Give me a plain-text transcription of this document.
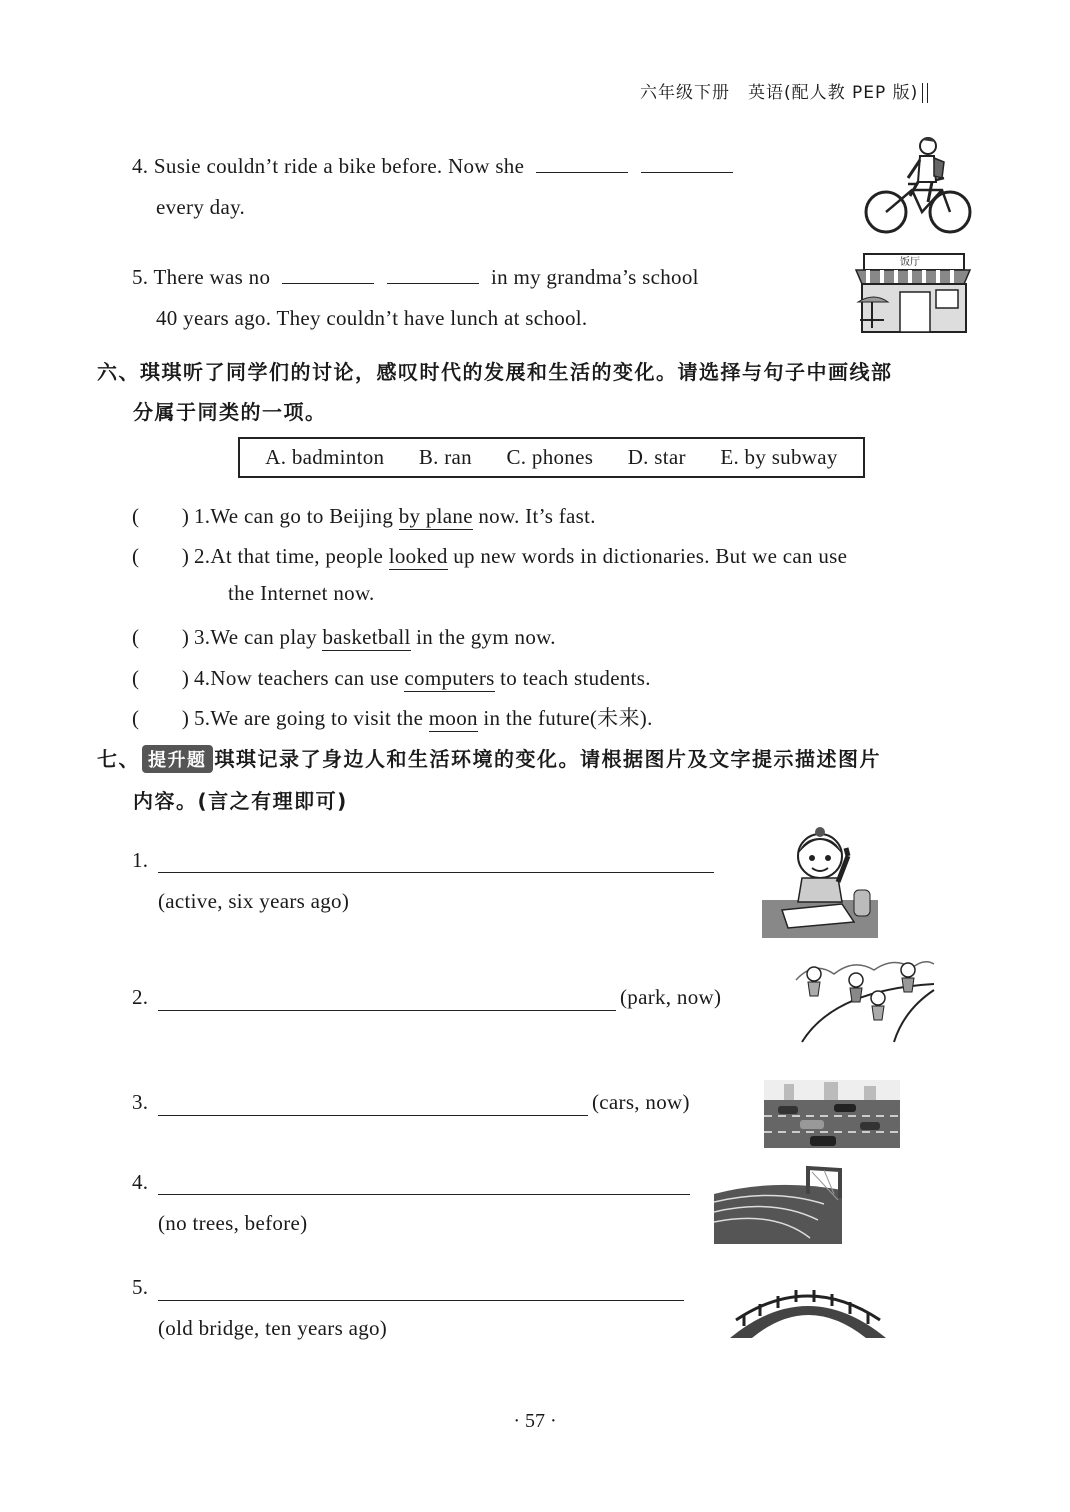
六年级下册　英语(配人教 PEP 版)
4. Susie couldn’t ride a bike before. Now she
every day.
5. There was no	in my grandma’s school
40 years ago. They couldn’t have lunch at school.
饭厅
六、琪琪听了同学们的讨论，感叹时代的发展和生活的变化。请选择与句子中画线部
分属于同类的一项。
A. badminton B. ran C. phones D. star E. by subway
(　　) 1.We can go to Beijing by plane now. It’s fast.
(　　) 2.At that time, people looked up new words in dictionaries. But we can use
the Internet now.
(　　) 3.We can play basketball in the gym now.
(　　) 4.Now teachers can use computers to teach students.
(　　) 5.We are going to visit the moon in the future(未来).
七、 提升题 琪琪记录了身边人和生活环境的变化。请根据图片及文字提示描述图片
内容。(言之有理即可)
1.
(active, six years ago)
2.	(park, now)
3.	(cars, now)
4.
(no trees, before)
5.
(old bridge, ten years ago)
· 57 ·
